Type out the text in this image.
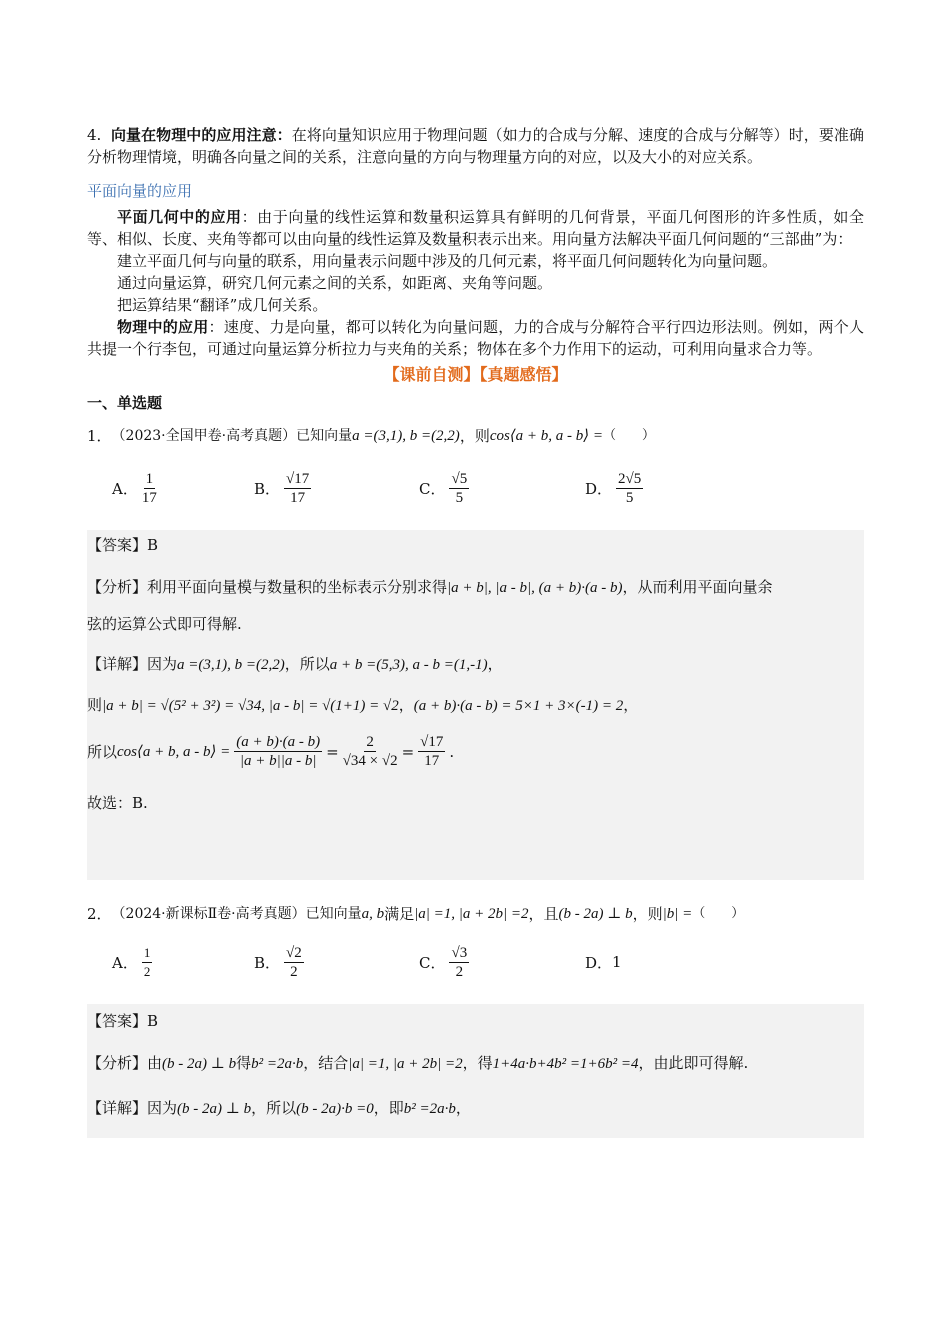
4. 向量在物理中的应用注意：在将向量知识应用于物理问题（如力的合成与分解、速度的合成与分解等）时，要准确分析物理情境，明确各向量之间的关系，注意向量的方向与物理量方向的对应，以及大小的对应关系。

平面向量的应用

平面几何中的应用：由于向量的线性运算和数量积运算具有鲜明的几何背景，平面几何图形的许多性质，如全等、相似、长度、夹角等都可以由向量的线性运算及数量积表示出来。用向量方法解决平面几何问题的“三部曲”为：

建立平面几何与向量的联系，用向量表示问题中涉及的几何元素，将平面几何问题转化为向量问题。

通过向量运算，研究几何元素之间的关系，如距离、夹角等问题。

把运算结果“翻译”成几何关系。

物理中的应用：速度、力是向量，都可以转化为向量问题，力的合成与分解符合平行四边形法则。例如，两个人共提一个行李包，可通过向量运算分析拉力与夹角的关系；物体在多个力作用下的运动，可利用向量求合力等。

【课前自测】【真题感悟】

一、单选题

1． （2023·全国甲卷·高考真题）已知向量 a =(3,1), b =(2,2) ，则 cos⟨a + b, a - b⟩ = （　　）
A． $\frac{1}{17}$	B． $\frac{√17}{17}$	C． $\frac{√5}{5}$	D． $\frac{2√5}{5}$
【答案】B
【分析】利用平面向量模与数量积的坐标表示分别求得|a + b|, |a - b|, (a + b)·(a - b)，从而利用平面向量余
弦的运算公式即可得解.
【详解】因为a =(3,1), b =(2,2)，所以a + b =(5,3), a - b =(1,-1)，
则|a + b| = √(5² + 3²) = √34, |a - b| = √(1+1) = √2，(a + b)·(a - b) = 5×1 + 3×(-1) = 2，
所以 cos⟨a + b, a - b⟩ = $\frac{(a + b)\cdot(a - b)}{|a + b||a - b|} = \frac{2}{√34 \times √2} = \frac{√17}{17}$ .
故选：B.
2． （2024·新课标Ⅱ卷·高考真题）已知向量 a, b 满足 |a| =1, |a + 2b| =2 ，且 (b - 2a) ⊥ b ，则 |b| = （　　）
A． $\frac{1}{2}$	B． $\frac{√2}{2}$	C． $\frac{√3}{2}$	D． 1
【答案】B
【分析】由(b - 2a) ⊥ b得b² =2a·b，结合|a| =1, |a + 2b| =2，得1+4a·b+4b² =1+6b² =4，由此即可得解.
【详解】因为(b - 2a) ⊥ b，所以(b - 2a)·b =0，即b² =2a·b，
